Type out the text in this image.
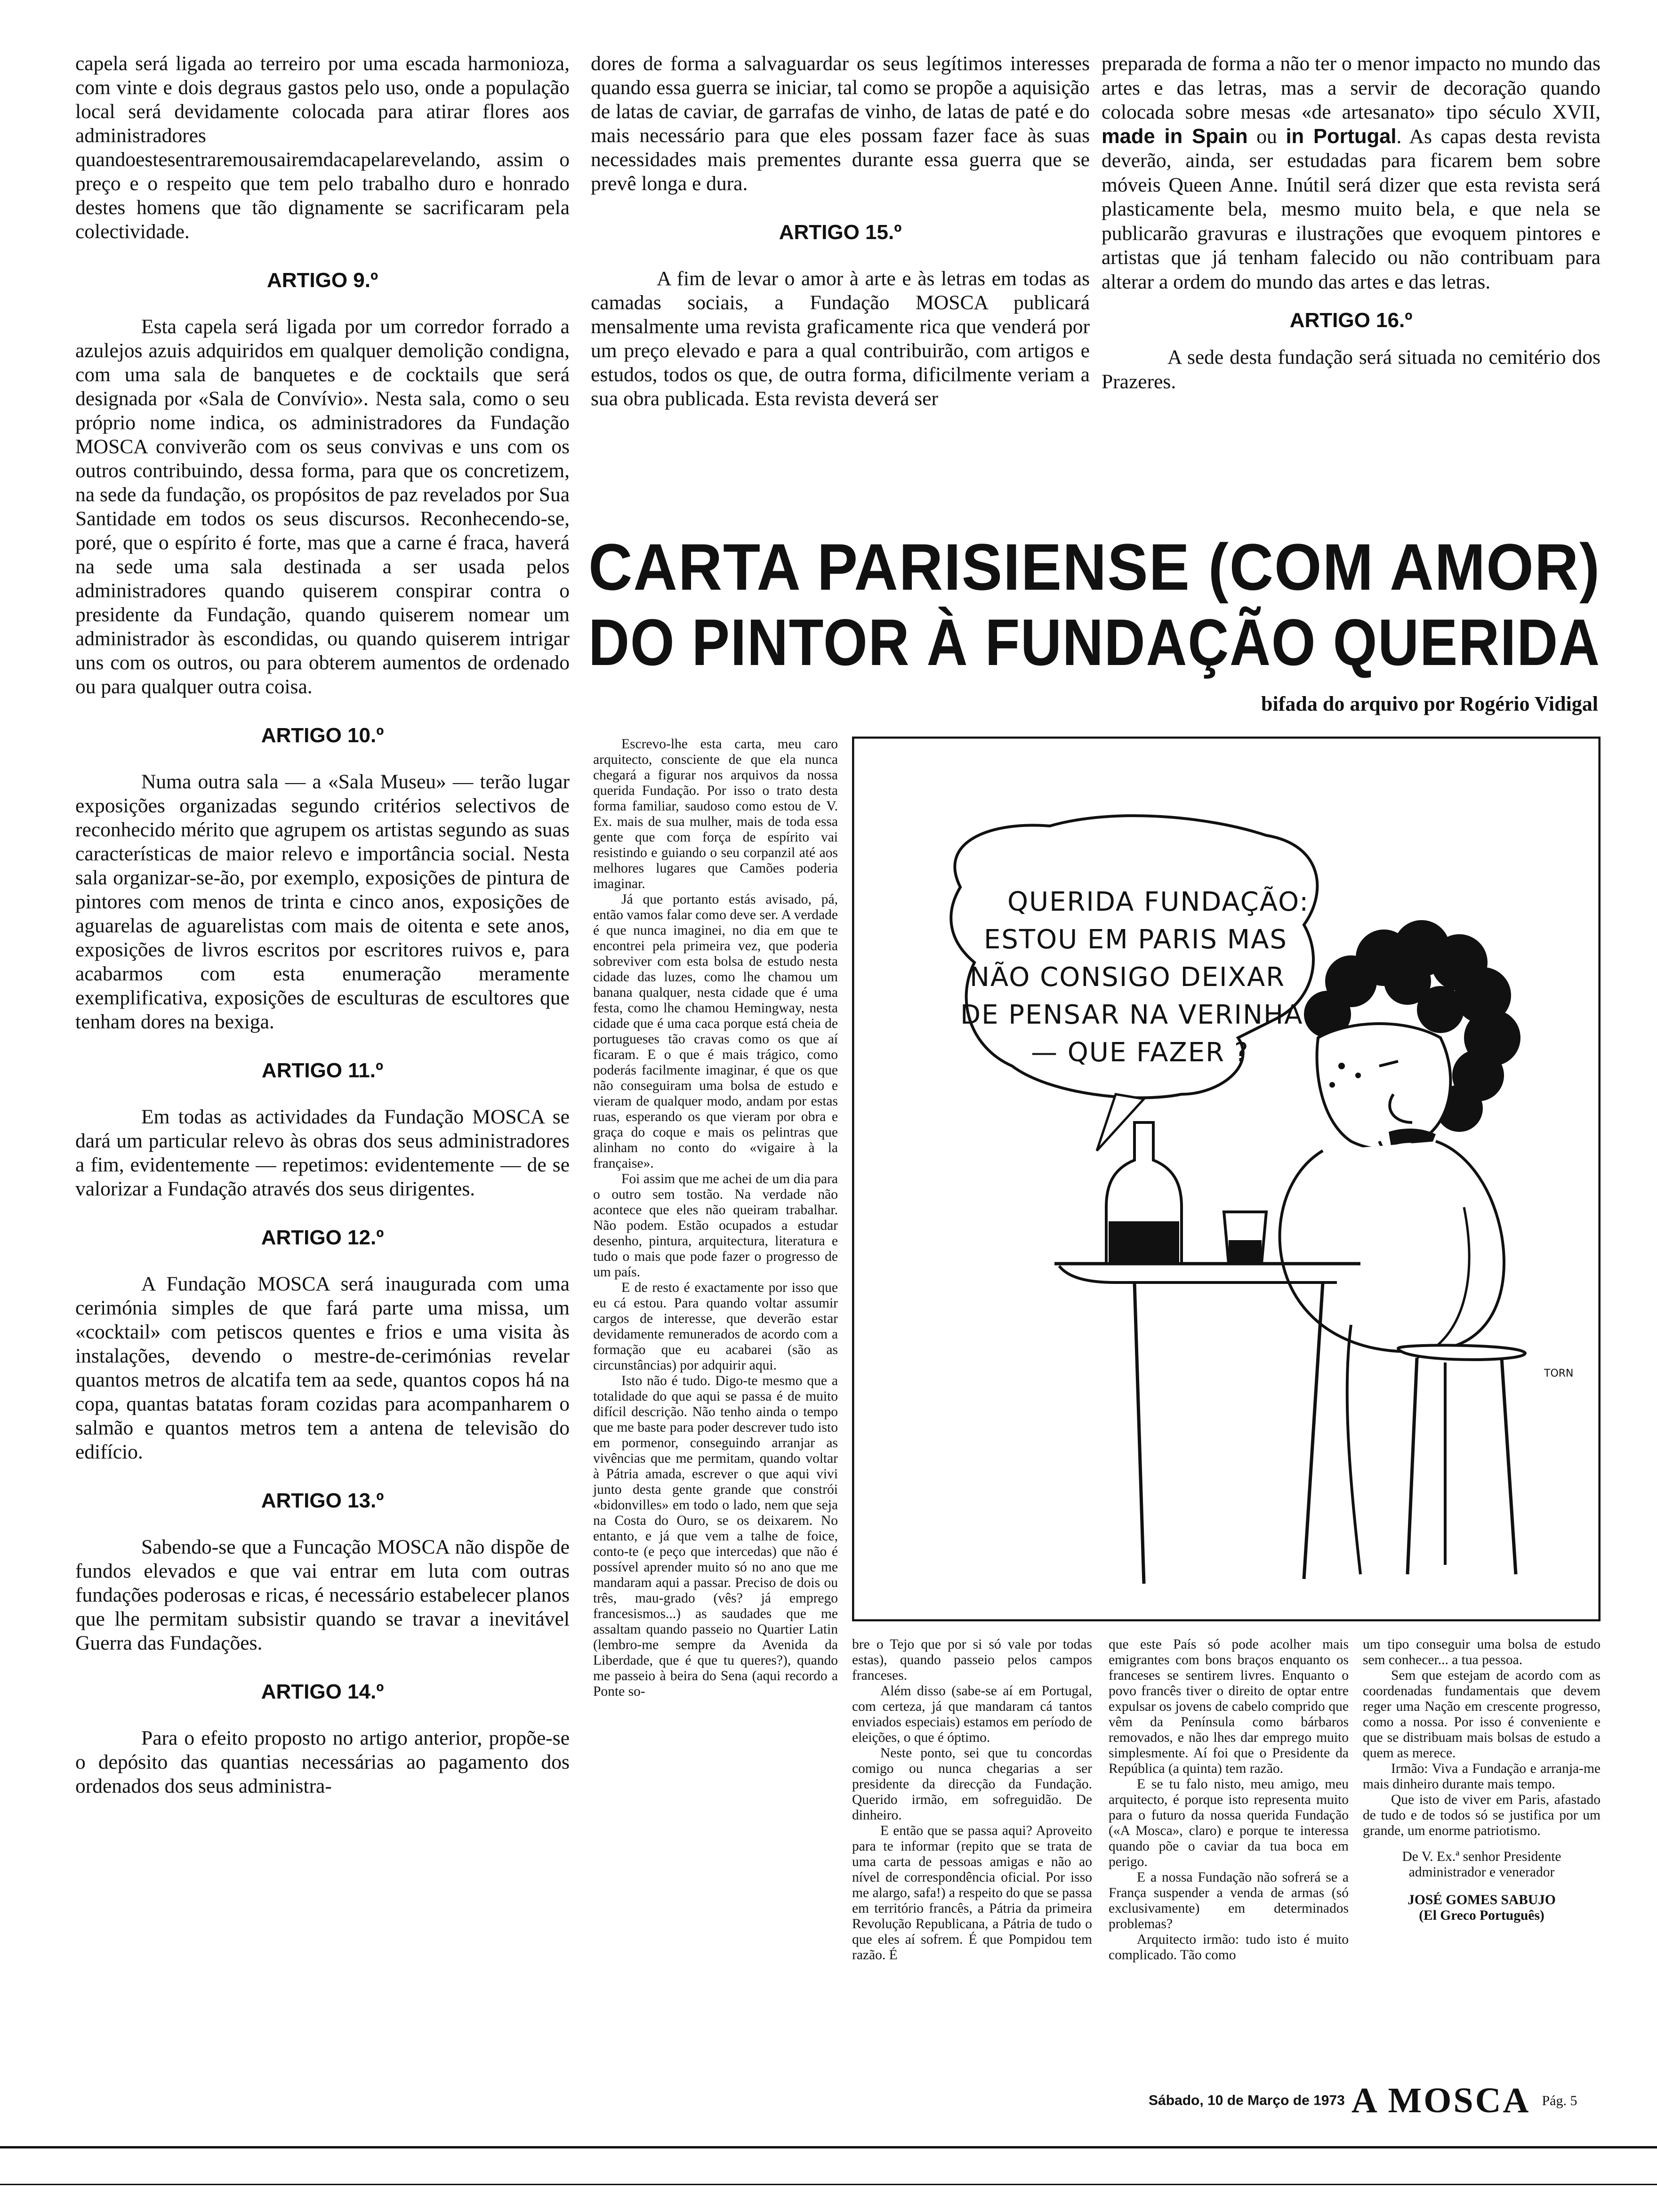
capela será ligada ao terreiro por uma escada harmonioza, com vinte e dois degraus gastos pelo uso, onde a população local será devidamente colocada para atirar flores aos administradores quandoestesentraremousairemdacapelarevelando, assim o preço e o respeito que tem pelo trabalho duro e honrado destes homens que tão dignamente se sacrificaram pela colectividade.

ARTIGO 9.º

Esta capela será ligada por um corredor forrado a azulejos azuis adquiridos em qualquer demolição condigna, com uma sala de banquetes e de cocktails que será designada por «Sala de Convívio». Nesta sala, como o seu próprio nome indica, os administradores da Fundação MOSCA conviverão com os seus convivas e uns com os outros contribuindo, dessa forma, para que os concretizem, na sede da fundação, os propósitos de paz revelados por Sua Santidade em todos os seus discursos. Reconhecendo-se, poré, que o espírito é forte, mas que a carne é fraca, haverá na sede uma sala destinada a ser usada pelos administradores quando quiserem conspirar contra o presidente da Fundação, quando quiserem nomear um administrador às escondidas, ou quando quiserem intrigar uns com os outros, ou para obterem aumentos de ordenado ou para qualquer outra coisa.

ARTIGO 10.º

Numa outra sala — a «Sala Museu» — terão lugar exposições organizadas segundo critérios selectivos de reconhecido mérito que agrupem os artistas segundo as suas características de maior relevo e importância social. Nesta sala organizar-se-ão, por exemplo, exposições de pintura de pintores com menos de trinta e cinco anos, exposições de aguarelas de aguarelistas com mais de oitenta e sete anos, exposições de livros escritos por escritores ruivos e, para acabarmos com esta enumeração meramente exemplificativa, exposições de esculturas de escultores que tenham dores na bexiga.

ARTIGO 11.º

Em todas as actividades da Fundação MOSCA se dará um particular relevo às obras dos seus administradores a fim, evidentemente — repetimos: evidentemente — de se valorizar a Fundação através dos seus dirigentes.

ARTIGO 12.º

A Fundação MOSCA será inaugurada com uma cerimónia simples de que fará parte uma missa, um «cocktail» com petiscos quentes e frios e uma visita às instalações, devendo o mestre-de-cerimónias revelar quantos metros de alcatifa tem aa sede, quantos copos há na copa, quantas batatas foram cozidas para acompanharem o salmão e quantos metros tem a antena de televisão do edifício.

ARTIGO 13.º

Sabendo-se que a Funcação MOSCA não dispõe de fundos elevados e que vai entrar em luta com outras fundações poderosas e ricas, é necessário estabelecer planos que lhe permitam subsistir quando se travar a inevitável Guerra das Fundações.

ARTIGO 14.º

Para o efeito proposto no artigo anterior, propõe-se o depósito das quantias necessárias ao pagamento dos ordenados dos seus administra-

dores de forma a salvaguardar os seus legítimos interesses quando essa guerra se iniciar, tal como se propõe a aquisição de latas de caviar, de garrafas de vinho, de latas de paté e do mais necessário para que eles possam fazer face às suas necessidades mais prementes durante essa guerra que se prevê longa e dura.

ARTIGO 15.º

A fim de levar o amor à arte e às letras em todas as camadas sociais, a Fundação MOSCA publicará mensalmente uma revista graficamente rica que venderá por um preço elevado e para a qual contribuirão, com artigos e estudos, todos os que, de outra forma, dificilmente veriam a sua obra publicada. Esta revista deverá ser

preparada de forma a não ter o menor impacto no mundo das artes e das letras, mas a servir de decoração quando colocada sobre mesas «de artesanato» tipo século XVII, made in Spain ou in Portugal. As capas desta revista deverão, ainda, ser estudadas para ficarem bem sobre móveis Queen Anne. Inútil será dizer que esta revista será plasticamente bela, mesmo muito bela, e que nela se publicarão gravuras e ilustrações que evoquem pintores e artistas que já tenham falecido ou não contribuam para alterar a ordem do mundo das artes e das letras.

ARTIGO 16.º

A sede desta fundação será situada no cemitério dos Prazeres.

CARTA PARISIENSE (COM AMOR)
DO PINTOR À FUNDAÇÃO QUERIDA
bifada do arquivo por Rogério Vidigal

Escrevo-lhe esta carta, meu caro arquitecto, consciente de que ela nunca chegará a figurar nos arquivos da nossa querida Fundação. Por isso o trato desta forma familiar, saudoso como estou de V. Ex. mais de sua mulher, mais de toda essa gente que com força de espírito vai resistindo e guiando o seu corpanzil até aos melhores lugares que Camões poderia imaginar.

Já que portanto estás avisado, pá, então vamos falar como deve ser. A verdade é que nunca imaginei, no dia em que te encontrei pela primeira vez, que poderia sobreviver com esta bolsa de estudo nesta cidade das luzes, como lhe chamou um banana qualquer, nesta cidade que é uma festa, como lhe chamou Hemingway, nesta cidade que é uma caca porque está cheia de portugueses tão cravas como os que aí ficaram. E o que é mais trágico, como poderás facilmente imaginar, é que os que não conseguiram uma bolsa de estudo e vieram de qualquer modo, andam por estas ruas, esperando os que vieram por obra e graça do coque e mais os pelintras que alinham no conto do «vigaire à la française».

Foi assim que me achei de um dia para o outro sem tostão. Na verdade não acontece que eles não queiram trabalhar. Não podem. Estão ocupados a estudar desenho, pintura, arquitectura, literatura e tudo o mais que pode fazer o progresso de um país.

E de resto é exactamente por isso que eu cá estou. Para quando voltar assumir cargos de interesse, que deverão estar devidamente remunerados de acordo com a formação que eu acabarei (são as circunstâncias) por adquirir aqui.

Isto não é tudo. Digo-te mesmo que a totalidade do que aqui se passa é de muito difícil descrição. Não tenho ainda o tempo que me baste para poder descrever tudo isto em pormenor, conseguindo arranjar as vivências que me permitam, quando voltar à Pátria amada, escrever o que aqui vivi junto desta gente grande que constrói «bidonvilles» em todo o lado, nem que seja na Costa do Ouro, se os deixarem. No entanto, e já que vem a talhe de foice, conto-te (e peço que intercedas) que não é possível aprender muito só no ano que me mandaram aqui a passar. Preciso de dois ou três, mau-grado (vês? já emprego francesismos...) as saudades que me assaltam quando passeio no Quartier Latin (lembro-me sempre da Avenida da Liberdade, que é que tu queres?), quando me passeio à beira do Sena (aqui recordo a Ponte so-

QUERIDA FUNDAÇÃO:
ESTOU EM PARIS MAS
NÃO CONSIGO DEIXAR
DE PENSAR NA VERINHA
— QUE FAZER ?
TORN

bre o Tejo que por si só vale por todas estas), quando passeio pelos campos franceses.

Além disso (sabe-se aí em Portugal, com certeza, já que mandaram cá tantos enviados especiais) estamos em período de eleições, o que é óptimo.

Neste ponto, sei que tu concordas comigo ou nunca chegarias a ser presidente da direcção da Fundação. Querido irmão, em sofreguidão. De dinheiro.

E então que se passa aqui? Aproveito para te informar (repito que se trata de uma carta de pessoas amigas e não ao nível de correspondência oficial. Por isso me alargo, safa!) a respeito do que se passa em território francês, a Pátria da primeira Revolução Republicana, a Pátria de tudo o que eles aí sofrem. É que Pompidou tem razão. É

que este País só pode acolher mais emigrantes com bons braços enquanto os franceses se sentirem livres. Enquanto o povo francês tiver o direito de optar entre expulsar os jovens de cabelo comprido que vêm da Península como bárbaros removados, e não lhes dar emprego muito simplesmente. Aí foi que o Presidente da República (a quinta) tem razão.

E se tu falo nisto, meu amigo, meu arquitecto, é porque isto representa muito para o futuro da nossa querida Fundação («A Mosca», claro) e porque te interessa quando põe o caviar da tua boca em perigo.

E a nossa Fundação não sofrerá se a França suspender a venda de armas (só exclusivamente) em determinados problemas?

Arquitecto irmão: tudo isto é muito complicado. Tão como

um tipo conseguir uma bolsa de estudo sem conhecer... a tua pessoa.

Sem que estejam de acordo com as coordenadas fundamentais que devem reger uma Nação em crescente progresso, como a nossa. Por isso é conveniente e que se distribuam mais bolsas de estudo a quem as merece.

Irmão: Viva a Fundação e arranja-me mais dinheiro durante mais tempo.

Que isto de viver em Paris, afastado de tudo e de todos só se justifica por um grande, um enorme patriotismo.

De V. Ex.ª senhor Presidente

administrador e venerador

JOSÉ GOMES SABUJO

(El Greco Português)

Sábado, 10 de Março de 1973 A MOSCA Pág. 5
